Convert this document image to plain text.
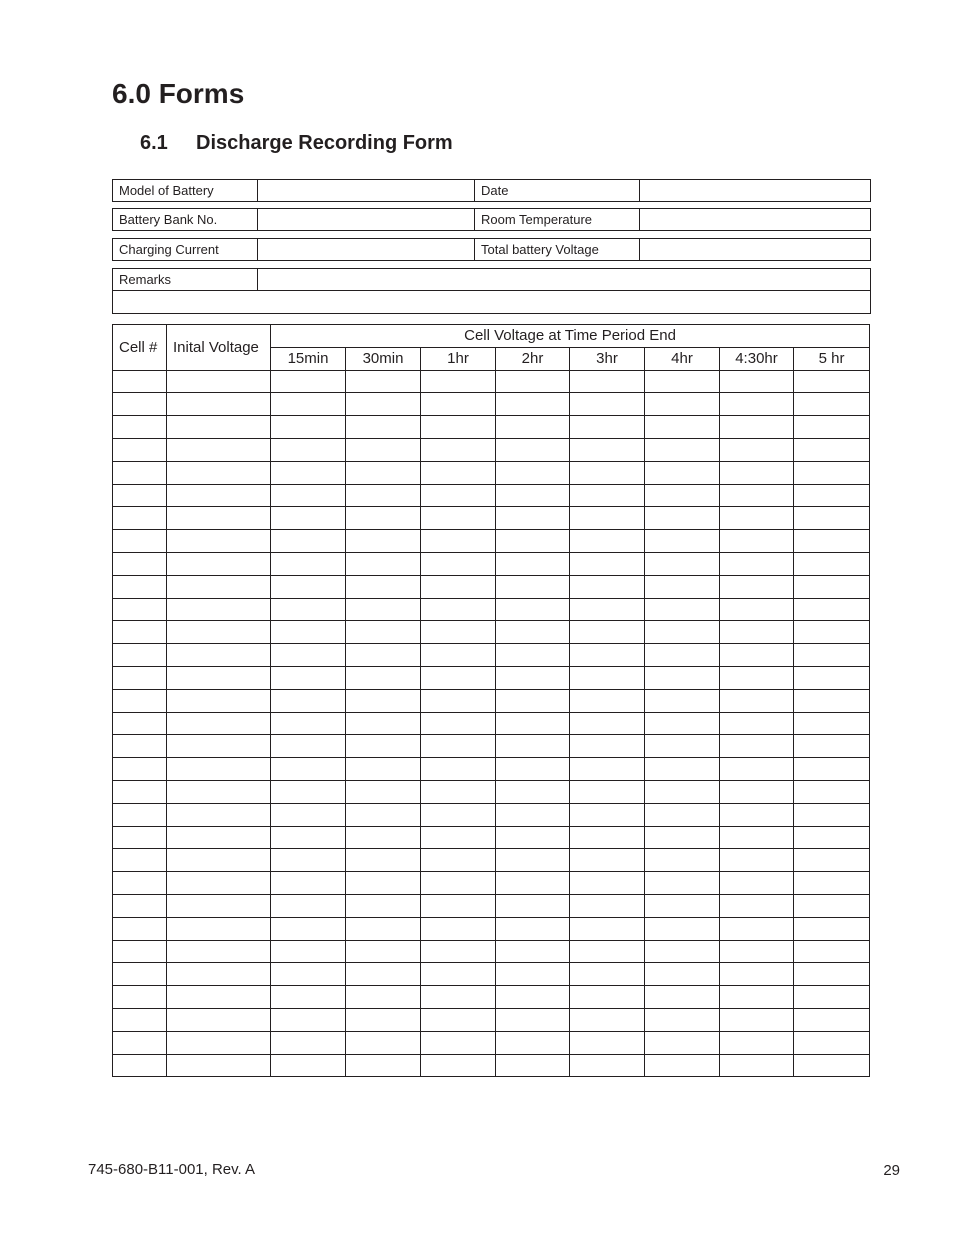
6.0 Forms
6.1 Discharge Recording Form
Model of Battery	Date
Battery Bank No.	Room Temperature
Charging Current	Total battery Voltage
Remarks
Cell #	Inital Voltage	Cell Voltage at Time Period End							
		15min	30min	1hr	2hr	3hr	4hr	4:30hr	5 hr

745-680-B11-001, Rev. A	29
